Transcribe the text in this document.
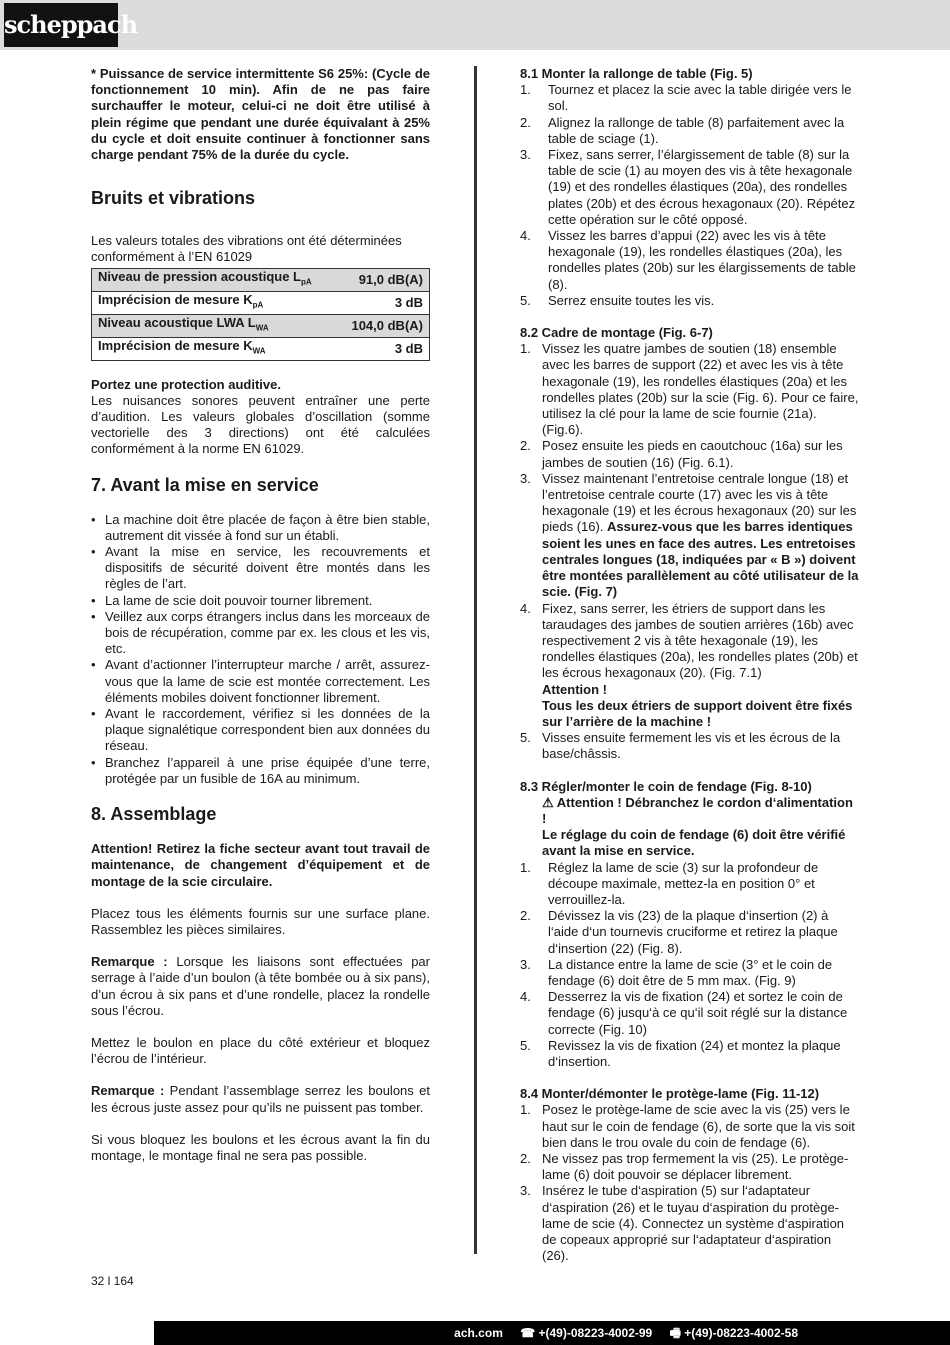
scheppach

* Puissance de service intermittente S6 25%: (Cycle de fonctionnement 10 min). Afin de ne pas faire surchauffer le moteur, celui-ci ne doit être utilisé à plein régime que pendant une durée équivalant à 25% du cycle et doit ensuite continuer à fonctionner sans charge pendant 75% de la durée du cycle.

Bruits et vibrations

Les valeurs totales des vibrations ont été déterminées conformément à l’EN 61029

Niveau de pression acoustique $L_{pA}$	91,0 dB(A)
Imprécision de mesure $K_{pA}$	3 dB
Niveau acoustique LWA $L_{WA}$	104,0 dB(A)
Imprécision de mesure $K_{WA}$	3 dB

Portez une protection auditive.

Les nuisances sonores peuvent entraîner une perte d’audition. Les valeurs globales d’oscillation (somme vectorielle des 3 directions) ont été calculées conformément à la norme EN 61029.

7. Avant la mise en service
• La machine doit être placée de façon à être bien stable, autrement dit vissée à fond sur un établi.
• Avant la mise en service, les recouvrements et dispositifs de sécurité doivent être montés dans les règles de l’art.
• La lame de scie doit pouvoir tourner librement.
• Veillez aux corps étrangers inclus dans les morceaux de bois de récupération, comme par ex. les clous et les vis, etc.
• Avant d’actionner l’interrupteur marche / arrêt, assurez-vous que la lame de scie est montée correctement. Les éléments mobiles doivent fonctionner librement.
• Avant le raccordement, vérifiez si les données de la plaque signalétique correspondent bien aux données du réseau.
• Branchez l’appareil à une prise équipée d’une terre, protégée par un fusible de 16A au minimum.
8. Assemblage

Attention! Retirez la fiche secteur avant tout travail de maintenance, de changement d’équipement et de montage de la scie circulaire.

Placez tous les éléments fournis sur une surface plane. Rassemblez les pièces similaires.

Remarque : Lorsque les liaisons sont effectuées par serrage à l’aide d’un boulon (à tête bombée ou à six pans), d’un écrou à six pans et d’une rondelle, placez la rondelle sous l’écrou.

Mettez le boulon en place du côté extérieur et bloquez l’écrou de l’intérieur.

Remarque : Pendant l’assemblage serrez les boulons et les écrous juste assez pour qu’ils ne puissent pas tomber.

Si vous bloquez les boulons et les écrous avant la fin du montage, le montage final ne sera pas possible.

8.1 Monter la rallonge de table (Fig. 5)
1. Tournez et placez la scie avec la table dirigée vers le sol.
2. Alignez la rallonge de table (8) parfaitement avec la table de sciage (1).
3. Fixez, sans serrer, l’élargissement de table (8) sur la table de scie (1) au moyen des vis à tête hexagonale (19) et des rondelles élastiques (20a), des rondelles plates (20b) et des écrous hexagonaux (20). Répétez cette opération sur le côté opposé.
4. Vissez les barres d’appui (22) avec les vis à tête hexagonale (19), les rondelles élastiques (20a), les rondelles plates (20b) sur les élargissements de table (8).
5. Serrez ensuite toutes les vis.
8.2 Cadre de montage (Fig. 6-7)
1. Vissez les quatre jambes de soutien (18) ensemble avec les barres de support (22) et avec les vis à tête hexagonale (19), les rondelles élastiques (20a) et les rondelles plates (20b) sur la scie (Fig. 6). Pour ce faire, utilisez la clé pour la lame de scie fournie (21a). (Fig.6).
2. Posez ensuite les pieds en caoutchouc (16a) sur les jambes de soutien (16) (Fig. 6.1).
3. Vissez maintenant l’entretoise centrale longue (18) et l’entretoise centrale courte (17) avec les vis à tête hexagonale (19) et les écrous hexagonaux (20) sur les pieds (16). Assurez-vous que les barres identiques soient les unes en face des autres. Les entretoises centrales longues (18, indiquées par « B ») doivent être montées parallèlement au côté utilisateur de la scie. (Fig. 7)
4. Fixez, sans serrer, les étriers de support dans les taraudages des jambes de soutien arrières (16b) avec respectivement 2 vis à tête hexagonale (19), les rondelles élastiques (20a), les rondelles plates (20b) et les écrous hexagonaux (20). (Fig. 7.1)
Attention !
Tous les deux étriers de support doivent être fixés sur l’arrière de la machine !
5. Visses ensuite fermement les vis et les écrous de la base/châssis.
8.3 Régler/monter le coin de fendage (Fig. 8-10)

⚠ Attention ! Débranchez le cordon d‘alimentation !

Le réglage du coin de fendage (6) doit être vérifié avant la mise en service.

1. Réglez la lame de scie (3) sur la profondeur de découpe maximale, mettez-la en position 0° et verrouillez-la.
2. Dévissez la vis (23) de la plaque d‘insertion (2) à l‘aide d‘un tournevis cruciforme et retirez la plaque d‘insertion (22) (Fig. 8).
3. La distance entre la lame de scie (3° et le coin de fendage (6) doit être de 5 mm max. (Fig. 9)
4. Desserrez la vis de fixation (24) et sortez le coin de fendage (6) jusqu‘à ce qu‘il soit réglé sur la distance correcte (Fig. 10)
5. Revissez la vis de fixation (24) et montez la plaque d‘insertion.
8.4 Monter/démonter le protège-lame (Fig. 11-12)
1. Posez le protège-lame de scie avec la vis (25) vers le haut sur le coin de fendage (6), de sorte que la vis soit bien dans le trou ovale du coin de fendage (6).
2. Ne vissez pas trop fermement la vis (25). Le protège-lame (6) doit pouvoir se déplacer librement.
3. Insérez le tube d‘aspiration (5) sur l‘adaptateur d‘aspiration (26) et le tuyau d‘aspiration du protège-lame de scie (4). Connectez un système d‘aspiration de copeaux approprié sur l‘adaptateur d‘aspiration (26).
32 l 164
ach.com ☎ +(49)-08223-4002-99 🖷 +(49)-08223-4002-58
